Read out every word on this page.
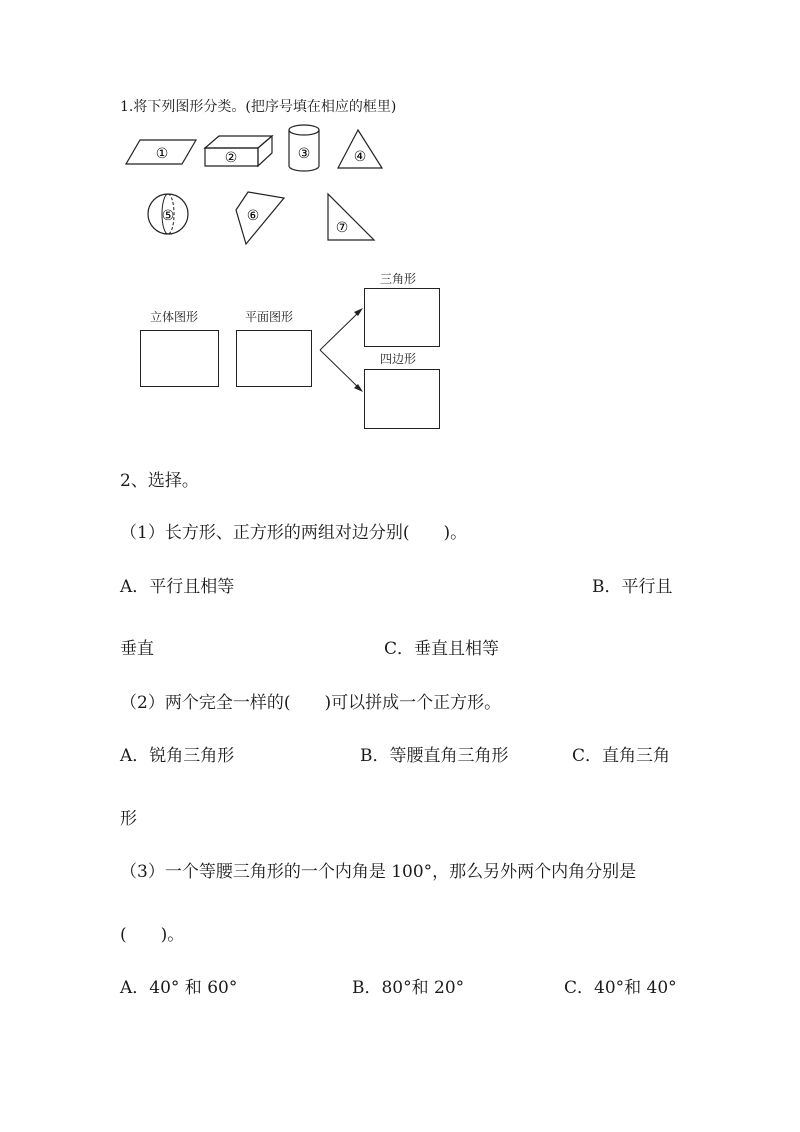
1.将下列图形分类。(把序号填在相应的框里)
①	②	③	④
⑤	⑥
⑦
立体图形	平面图形
三角形
四边形
2、选择。
（1）长方形、正方形的两组对边分别(　　)。
A．平行且相等	B．平行且
垂直	C．垂直且相等
（2）两个完全一样的(　　)可以拼成一个正方形。
A．锐角三角形	B．等腰直角三角形	C．直角三角
形
（3）一个等腰三角形的一个内角是 100°，那么另外两个内角分别是
(　　)。
A．40° 和 60°	B．80°和 20°	C．40°和 40°
